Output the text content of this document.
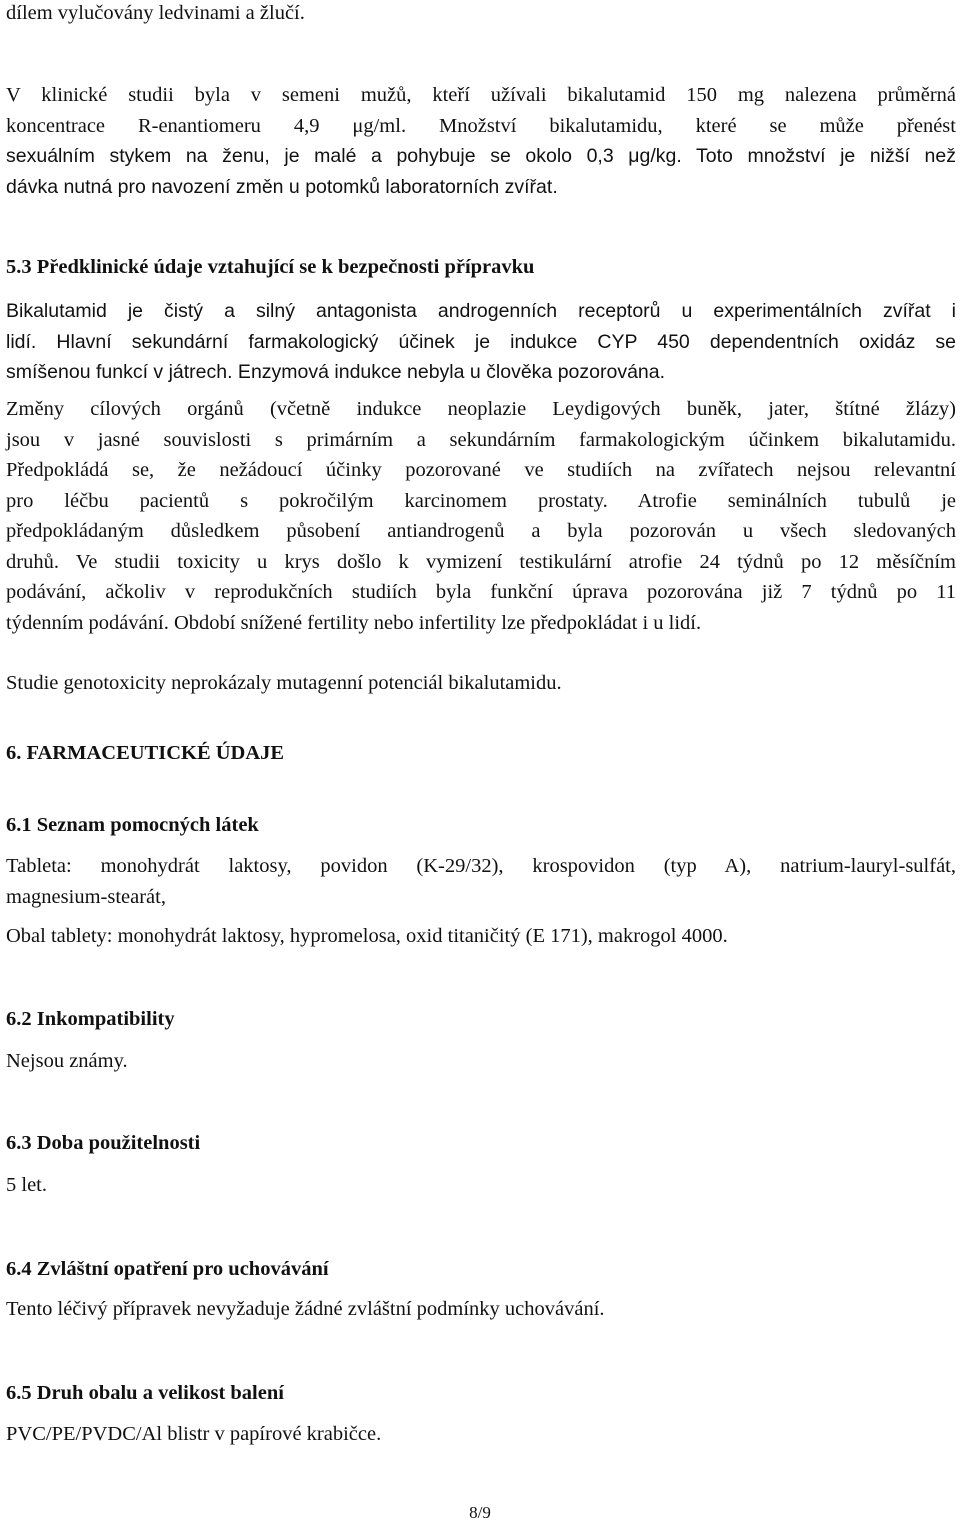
dílem vylučovány ledvinami a žlučí.
V klinické studii byla v semeni mužů, kteří užívali bikalutamid 150 mg nalezena průměrná
koncentrace R-enantiomeru 4,9 μg/ml. Množství bikalutamidu, které se může přenést
sexuálním stykem na ženu, je malé a pohybuje se okolo 0,3 μg/kg. Toto množství je nižší než
dávka nutná pro navození změn u potomků laboratorních zvířat.
5.3 Předklinické údaje vztahující se k bezpečnosti přípravku
Bikalutamid je čistý a silný antagonista androgenních receptorů u experimentálních zvířat i
lidí. Hlavní sekundární farmakologický účinek je indukce CYP 450 dependentních oxidáz se
smíšenou funkcí v játrech. Enzymová indukce nebyla u člověka pozorována.
Změny cílových orgánů (včetně indukce neoplazie Leydigových buněk, jater, štítné žlázy)
jsou v jasné souvislosti s primárním a sekundárním farmakologickým účinkem bikalutamidu.
Předpokládá se, že nežádoucí účinky pozorované ve studiích na zvířatech nejsou relevantní
pro léčbu pacientů s pokročilým karcinomem prostaty. Atrofie seminálních tubulů je
předpokládaným důsledkem působení antiandrogenů a byla pozorován u všech sledovaných
druhů. Ve studii toxicity u krys došlo k vymizení testikulární atrofie 24 týdnů po 12 měsíčním
podávání, ačkoliv v reprodukčních studiích byla funkční úprava pozorována již 7 týdnů po 11
týdenním podávání. Období snížené fertility nebo infertility lze předpokládat i u lidí.
Studie genotoxicity neprokázaly mutagenní potenciál bikalutamidu.
6. FARMACEUTICKÉ ÚDAJE
6.1 Seznam pomocných látek
Tableta: monohydrát laktosy, povidon (K-29/32), krospovidon (typ A), natrium-lauryl-sulfát,
magnesium-stearát,
Obal tablety: monohydrát laktosy, hypromelosa, oxid titaničitý (E 171), makrogol 4000.
6.2 Inkompatibility
Nejsou známy.
6.3 Doba použitelnosti
5 let.
6.4 Zvláštní opatření pro uchovávání
Tento léčivý přípravek nevyžaduje žádné zvláštní podmínky uchovávání.
6.5 Druh obalu a velikost balení
PVC/PE/PVDC/Al blistr v papírové krabičce.
8/9
